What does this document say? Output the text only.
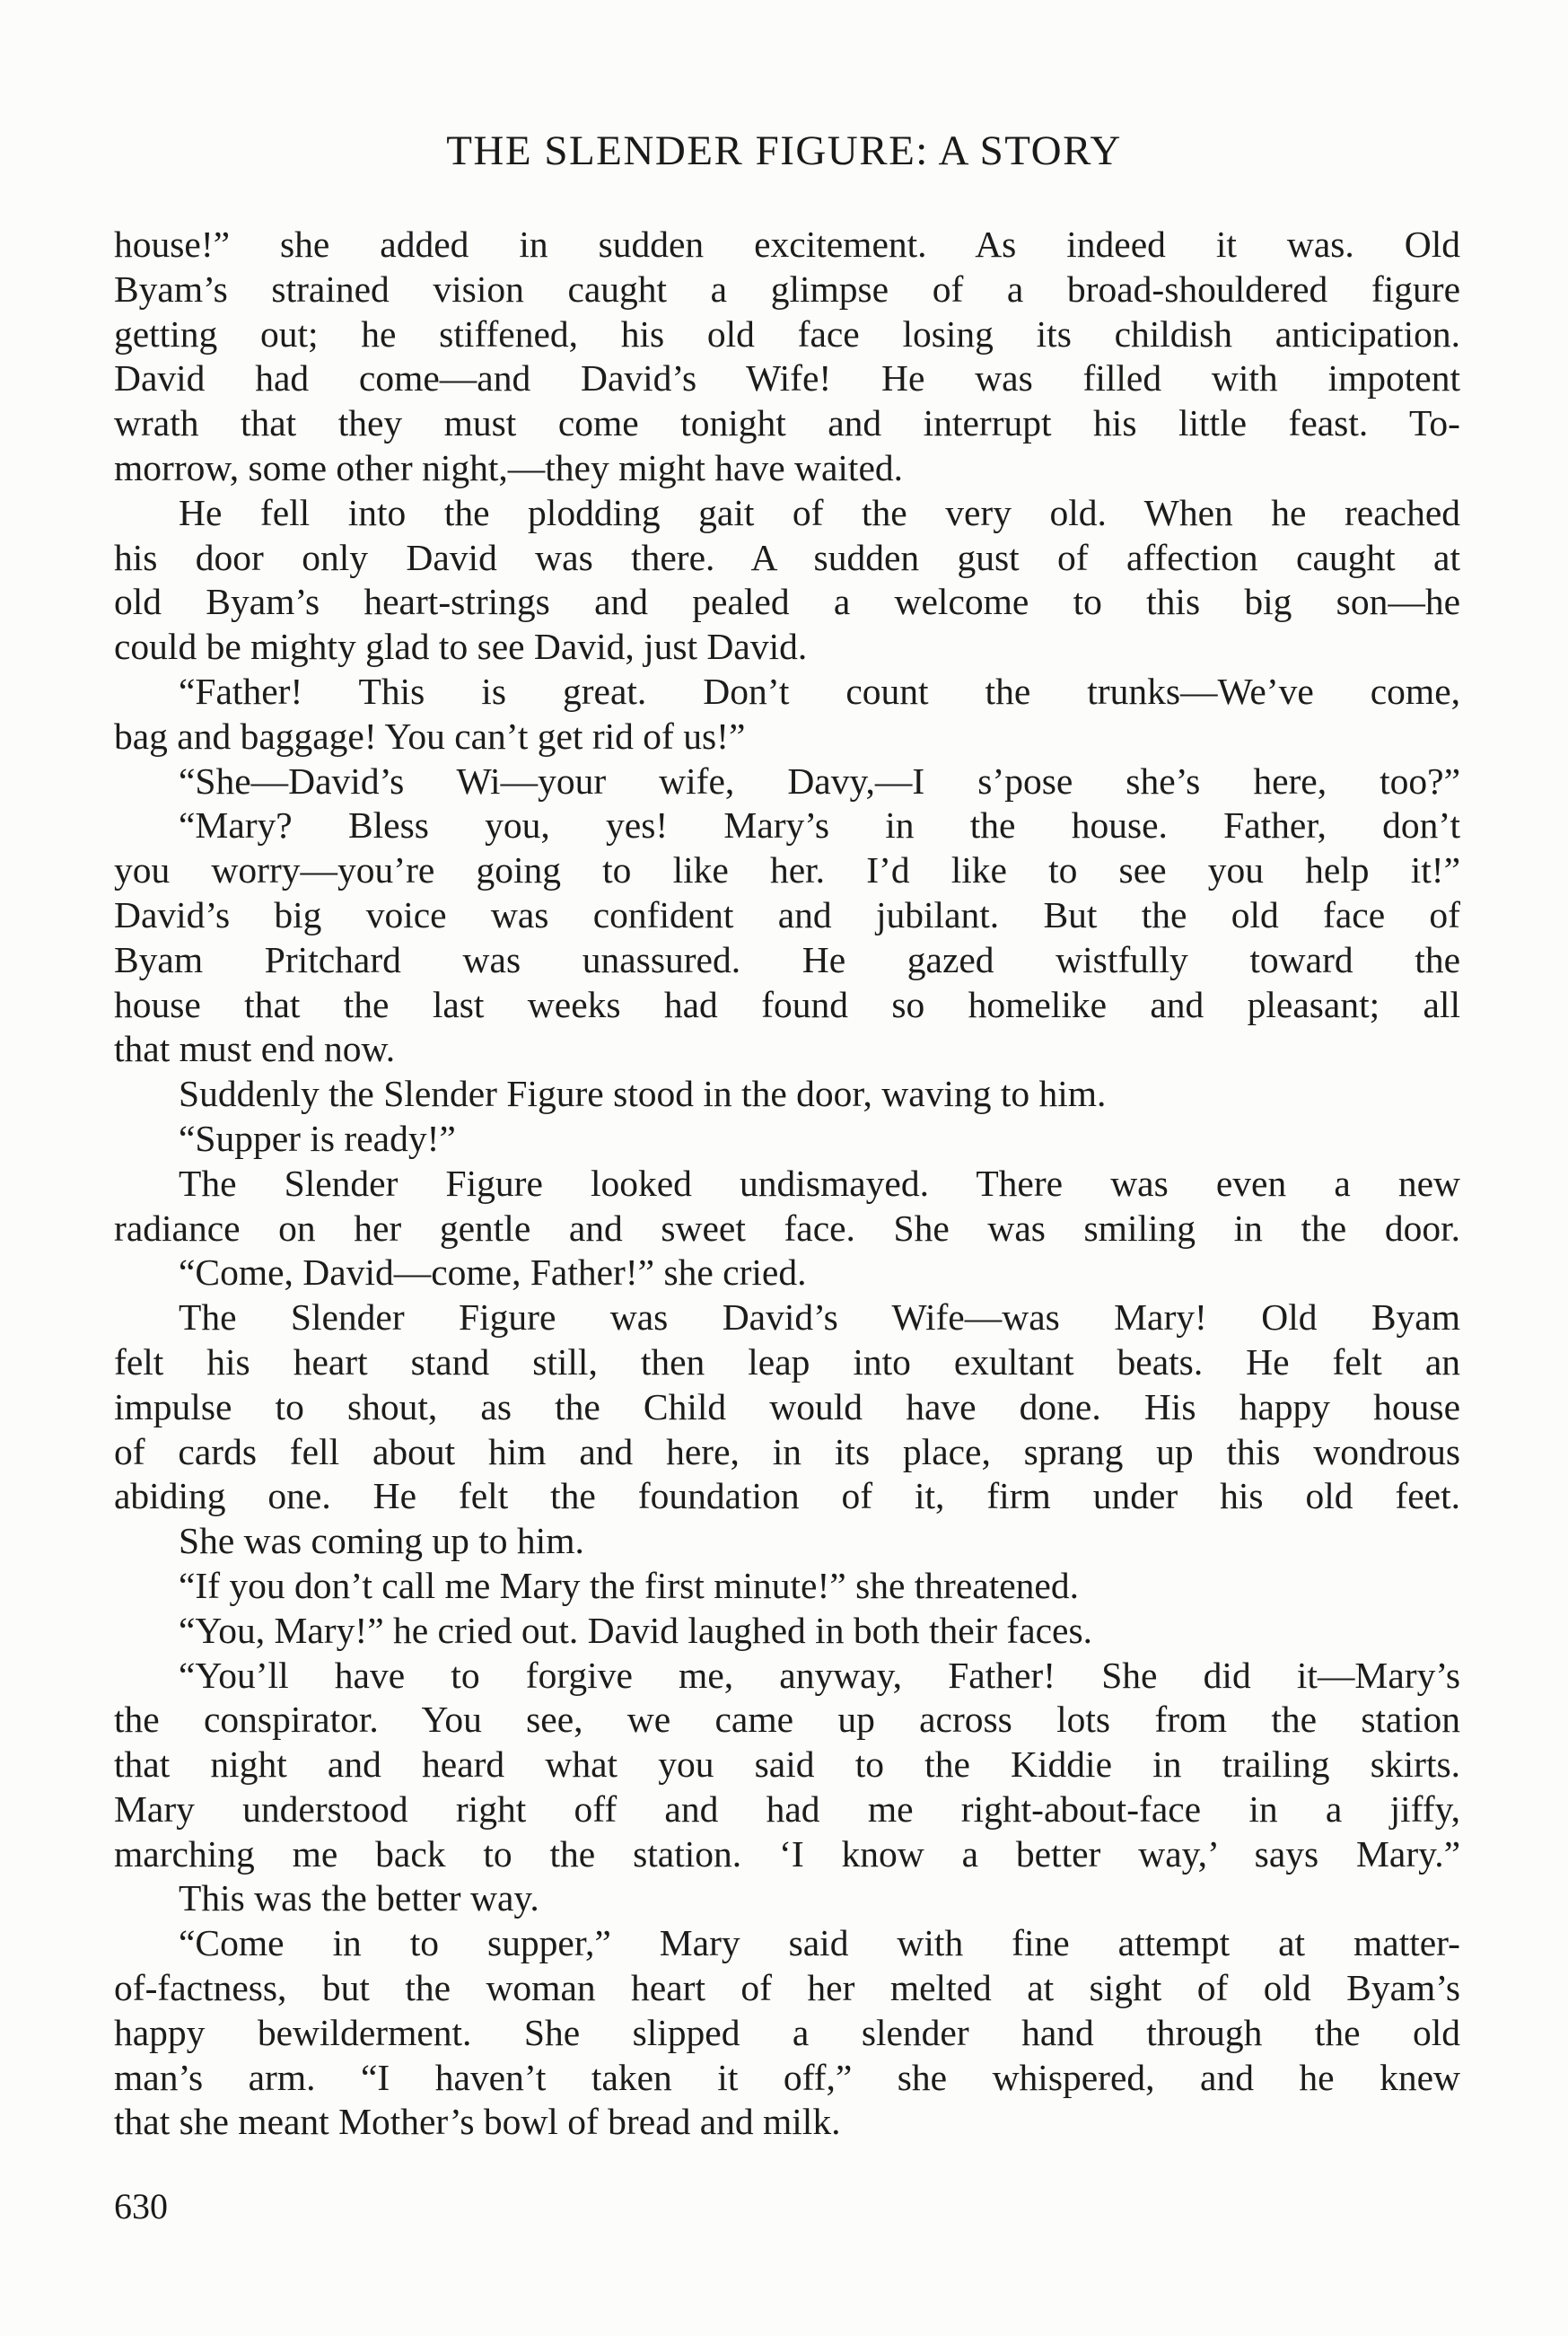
THE SLENDER FIGURE: A STORY
house!” she added in sudden excitement. As indeed it was. Old
Byam’s strained vision caught a glimpse of a broad-shouldered figure
getting out; he stiffened, his old face losing its childish anticipation.
David had come—and David’s Wife! He was filled with impotent
wrath that they must come tonight and interrupt his little feast. To-
morrow, some other night,—they might have waited.
He fell into the plodding gait of the very old. When he reached
his door only David was there. A sudden gust of affection caught at
old Byam’s heart-strings and pealed a welcome to this big son—he
could be mighty glad to see David, just David.
“Father! This is great. Don’t count the trunks—We’ve come,
bag and baggage! You can’t get rid of us!”
“She—David’s Wi—your wife, Davy,—I s’pose she’s here, too?”
“Mary? Bless you, yes! Mary’s in the house. Father, don’t
you worry—you’re going to like her. I’d like to see you help it!”
David’s big voice was confident and jubilant. But the old face of
Byam Pritchard was unassured. He gazed wistfully toward the
house that the last weeks had found so homelike and pleasant; all
that must end now.
Suddenly the Slender Figure stood in the door, waving to him.
“Supper is ready!”
The Slender Figure looked undismayed. There was even a new
radiance on her gentle and sweet face. She was smiling in the door.
“Come, David—come, Father!” she cried.
The Slender Figure was David’s Wife—was Mary! Old Byam
felt his heart stand still, then leap into exultant beats. He felt an
impulse to shout, as the Child would have done. His happy house
of cards fell about him and here, in its place, sprang up this wondrous
abiding one. He felt the foundation of it, firm under his old feet.
She was coming up to him.
“If you don’t call me Mary the first minute!” she threatened.
“You, Mary!” he cried out. David laughed in both their faces.
“You’ll have to forgive me, anyway, Father! She did it—Mary’s
the conspirator. You see, we came up across lots from the station
that night and heard what you said to the Kiddie in trailing skirts.
Mary understood right off and had me right-about-face in a jiffy,
marching me back to the station. ‘I know a better way,’ says Mary.”
This was the better way.
“Come in to supper,” Mary said with fine attempt at matter-
of-factness, but the woman heart of her melted at sight of old Byam’s
happy bewilderment. She slipped a slender hand through the old
man’s arm. “I haven’t taken it off,” she whispered, and he knew
that she meant Mother’s bowl of bread and milk.
630
